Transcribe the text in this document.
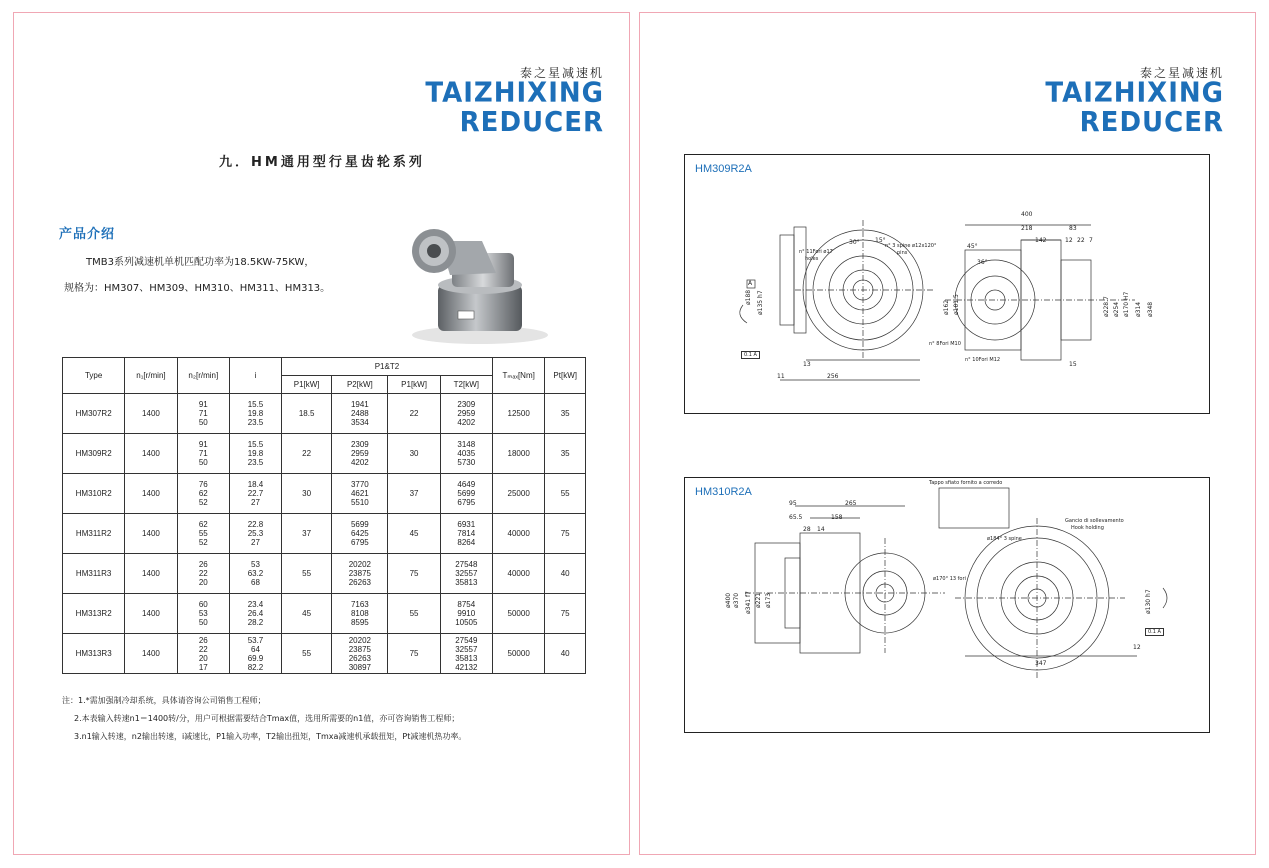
泰之星减速机
TAIZHIXING REDUCER
九．HM通用型行星齿轮系列
产品介绍
TMB3系列减速机单机匹配功率为18.5KW-75KW，
规格为：HM307、HM309、HM310、HM311、HM313。
Type	n₁[r/min]	n₂[r/min]	i	P1&T2				Tₘₐₓ[Nm]	Pt[kW]
				P1[kW]	P2[kW]	P1[kW]	T2[kW]		
HM307R2	1400	91
71
50	15.5
19.8
23.5	18.5	1941
2488
3534	22	2309
2959
4202	12500	35
HM309R2	1400	91
71
50	15.5
19.8
23.5	22	2309
2959
4202	30	3148
4035
5730	18000	35
HM310R2	1400	76
62
52	18.4
22.7
27	30	3770
4621
5510	37	4649
5699
6795	25000	55
HM311R2	1400	62
55
52	22.8
25.3
27	37	5699
6425
6795	45	6931
7814
8264	40000	75
HM311R3	1400	26
22
20	53
63.2
68	55	20202
23875
26263	75	27548
32557
35813	40000	40
HM313R2	1400	60
53
50	23.4
26.4
28.2	45	7163
8108
8595	55	8754
9910
10505	50000	75
HM313R3	1400	26
22
20
17	53.7
64
69.9
82.2	55	20202
23875
26263
30897	75	27549
32557
35813
42132	50000	40
注：1.*需加强制冷却系统，具体请咨询公司销售工程师；
2.本表输入转速n1＝1400转/分，用户可根据需要结合Tmax值，选用所需要的n1值，亦可咨询销售工程师；
3.n1输入转速，n2输出转速，i减速比，P1输入功率，T2输出扭矩，Tmxa减速机承载扭矩，Pt减速机热功率。
泰之星减速机
TAIZHIXING REDUCER
HM309R2A
400
218	83
142	12 22 7
256
13
11
15
30°	15°
45°
36°
ø188 ø135 h7	ø162 ø101.5	ø348
ø314
ø170 H7
ø254
ø228.7
n° 11Fori ø17
holes
n° 3 spine ø12x120°
pins
n° 8Fori M10
n° 10Fori M12
A
0.1 A
HM310R2A
95	265
65.5	158
14
28
347
12
ø400 ø370 ø341 f7 ø221 ø173	ø130 h7
ø184° 3 spine
ø170° 13 fori
Gancio di sollevamento
Hook holding
Tappo sfiato fornito a corredo
0.1 A
